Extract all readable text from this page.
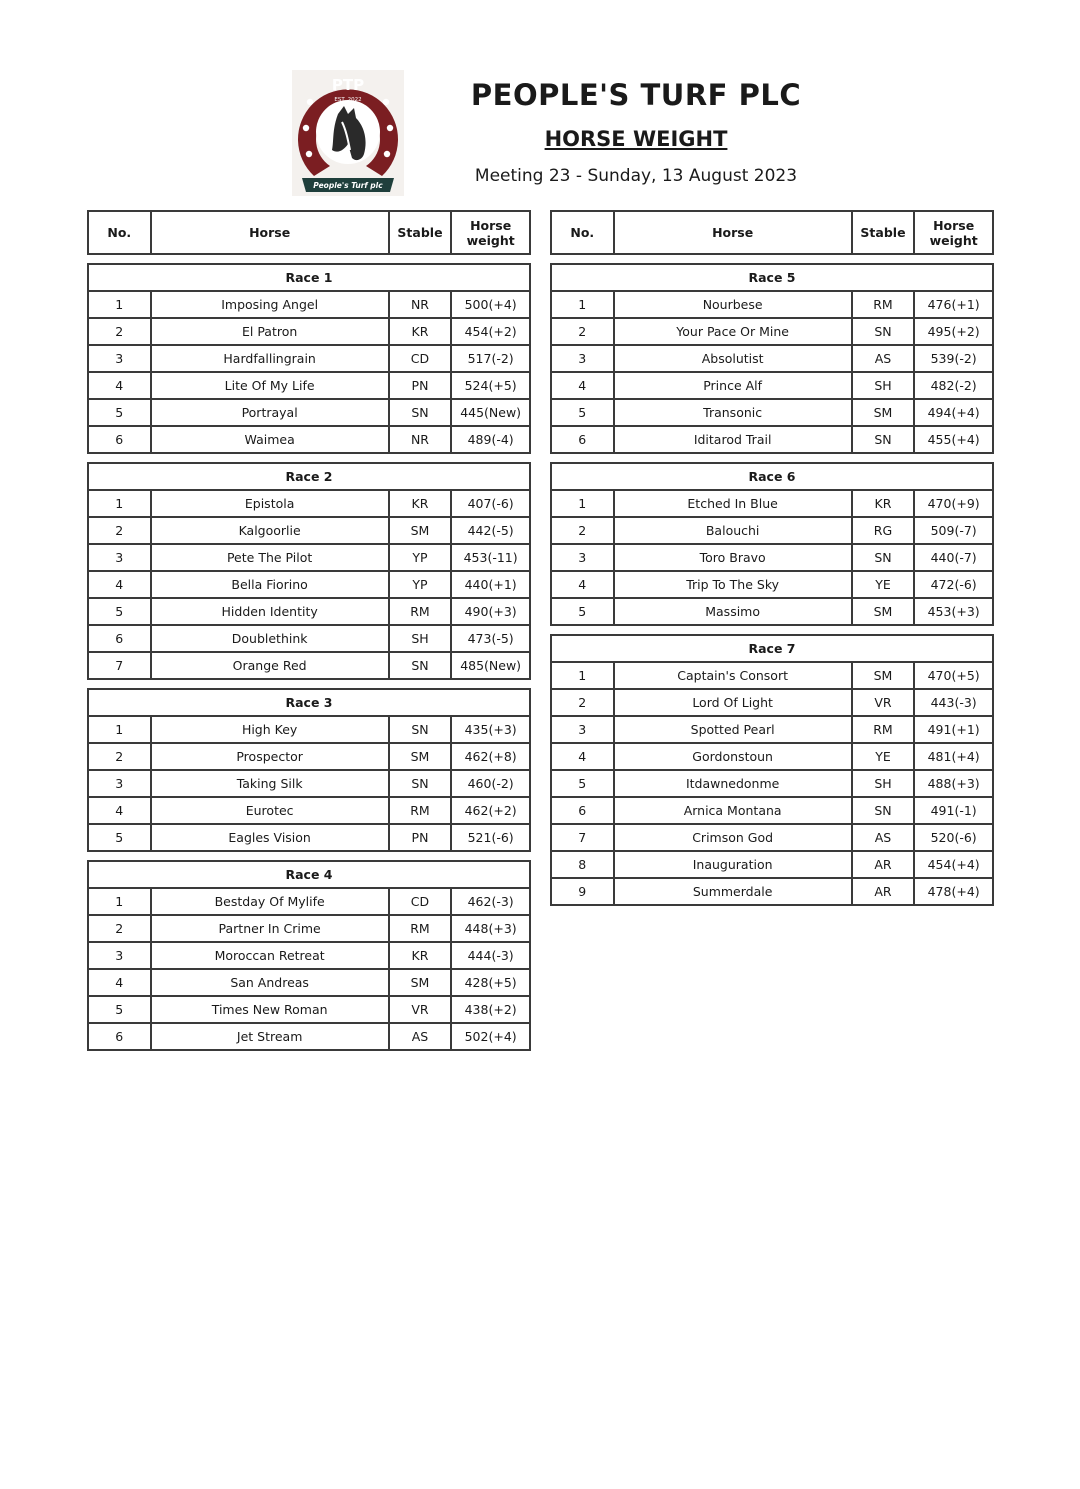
PTP
EST. 2022
People's Turf plc
PEOPLE'S TURF PLC
HORSE WEIGHT
Meeting 23 - Sunday, 13 August 2023
No.	Horse	Stable	Horse
weight
Race 1			
1	Imposing Angel	NR	500(+4)
2	El Patron	KR	454(+2)
3	Hardfallingrain	CD	517(-2)
4	Lite Of My Life	PN	524(+5)
5	Portrayal	SN	445(New)
6	Waimea	NR	489(-4)
Race 2			
1	Epistola	KR	407(-6)
2	Kalgoorlie	SM	442(-5)
3	Pete The Pilot	YP	453(-11)
4	Bella Fiorino	YP	440(+1)
5	Hidden Identity	RM	490(+3)
6	Doublethink	SH	473(-5)
7	Orange Red	SN	485(New)
Race 3			
1	High Key	SN	435(+3)
2	Prospector	SM	462(+8)
3	Taking Silk	SN	460(-2)
4	Eurotec	RM	462(+2)
5	Eagles Vision	PN	521(-6)
Race 4			
1	Bestday Of Mylife	CD	462(-3)
2	Partner In Crime	RM	448(+3)
3	Moroccan Retreat	KR	444(-3)
4	San Andreas	SM	428(+5)
5	Times New Roman	VR	438(+2)
6	Jet Stream	AS	502(+4)
No.	Horse	Stable	Horse
weight
Race 5			
1	Nourbese	RM	476(+1)
2	Your Pace Or Mine	SN	495(+2)
3	Absolutist	AS	539(-2)
4	Prince Alf	SH	482(-2)
5	Transonic	SM	494(+4)
6	Iditarod Trail	SN	455(+4)
Race 6			
1	Etched In Blue	KR	470(+9)
2	Balouchi	RG	509(-7)
3	Toro Bravo	SN	440(-7)
4	Trip To The Sky	YE	472(-6)
5	Massimo	SM	453(+3)
Race 7			
1	Captain's Consort	SM	470(+5)
2	Lord Of Light	VR	443(-3)
3	Spotted Pearl	RM	491(+1)
4	Gordonstoun	YE	481(+4)
5	Itdawnedonme	SH	488(+3)
6	Arnica Montana	SN	491(-1)
7	Crimson God	AS	520(-6)
8	Inauguration	AR	454(+4)
9	Summerdale	AR	478(+4)
